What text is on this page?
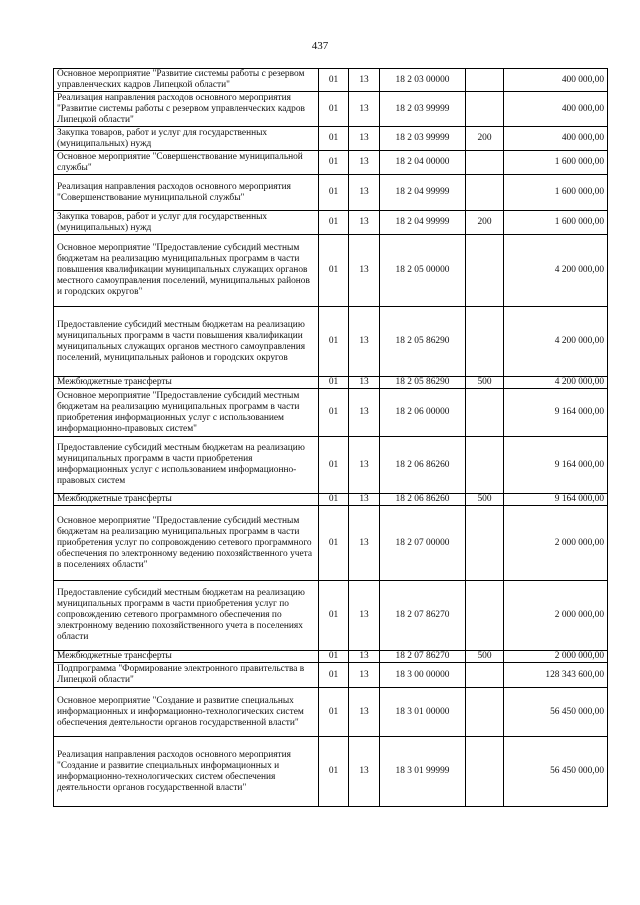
437
Основное мероприятие "Развитие системы работы с резервом управленческих кадров Липецкой области"	01	13	18 2 03 00000		400 000,00
Реализация направления расходов основного мероприятия "Развитие системы работы с резервом управленческих кадров Липецкой области"	01	13	18 2 03 99999		400 000,00
Закупка товаров, работ и услуг для государственных (муниципальных) нужд	01	13	18 2 03 99999	200	400 000,00
Основное мероприятие "Совершенствование муниципальной службы"	01	13	18 2 04 00000		1 600 000,00
Реализация направления расходов основного мероприятия "Совершенствование муниципальной службы"	01	13	18 2 04 99999		1 600 000,00
Закупка товаров, работ и услуг для государственных (муниципальных) нужд	01	13	18 2 04 99999	200	1 600 000,00
Основное мероприятие "Предоставление субсидий местным бюджетам на реализацию муниципальных программ в части повышения квалификации муниципальных служащих органов местного самоуправления поселений, муниципальных районов и городских округов"	01	13	18 2 05 00000		4 200 000,00
Предоставление субсидий местным бюджетам на реализацию муниципальных программ в части повышения квалификации муниципальных служащих органов местного самоуправления поселений, муниципальных районов и городских округов	01	13	18 2 05 86290		4 200 000,00
Межбюджетные трансферты	01	13	18 2 05 86290	500	4 200 000,00
Основное мероприятие "Предоставление субсидий местным бюджетам на реализацию муниципальных программ в части приобретения информационных услуг с использованием информационно-правовых систем"	01	13	18 2 06 00000		9 164 000,00
Предоставление субсидий местным бюджетам на реализацию муниципальных программ в части приобретения информационных услуг с использованием информационно-правовых систем	01	13	18 2 06 86260		9 164 000,00
Межбюджетные трансферты	01	13	18 2 06 86260	500	9 164 000,00
Основное мероприятие "Предоставление субсидий местным бюджетам на реализацию муниципальных программ в части приобретения услуг по сопровождению сетевого программного обеспечения по электронному ведению похозяйственного учета в поселениях области"	01	13	18 2 07 00000		2 000 000,00
Предоставление субсидий местным бюджетам на реализацию муниципальных программ в части приобретения услуг по сопровождению сетевого программного обеспечения по электронному ведению похозяйственного учета в поселениях области	01	13	18 2 07 86270		2 000 000,00
Межбюджетные трансферты	01	13	18 2 07 86270	500	2 000 000,00
Подпрограмма "Формирование электронного правительства в Липецкой области"	01	13	18 3 00 00000		128 343 600,00
Основное мероприятие "Создание и развитие специальных информационных и информационно-технологических систем обеспечения деятельности органов государственной власти"	01	13	18 3 01 00000		56 450 000,00
Реализация направления расходов основного мероприятия "Создание и развитие специальных информационных и информационно-технологических систем обеспечения деятельности органов государственной власти"	01	13	18 3 01 99999		56 450 000,00
